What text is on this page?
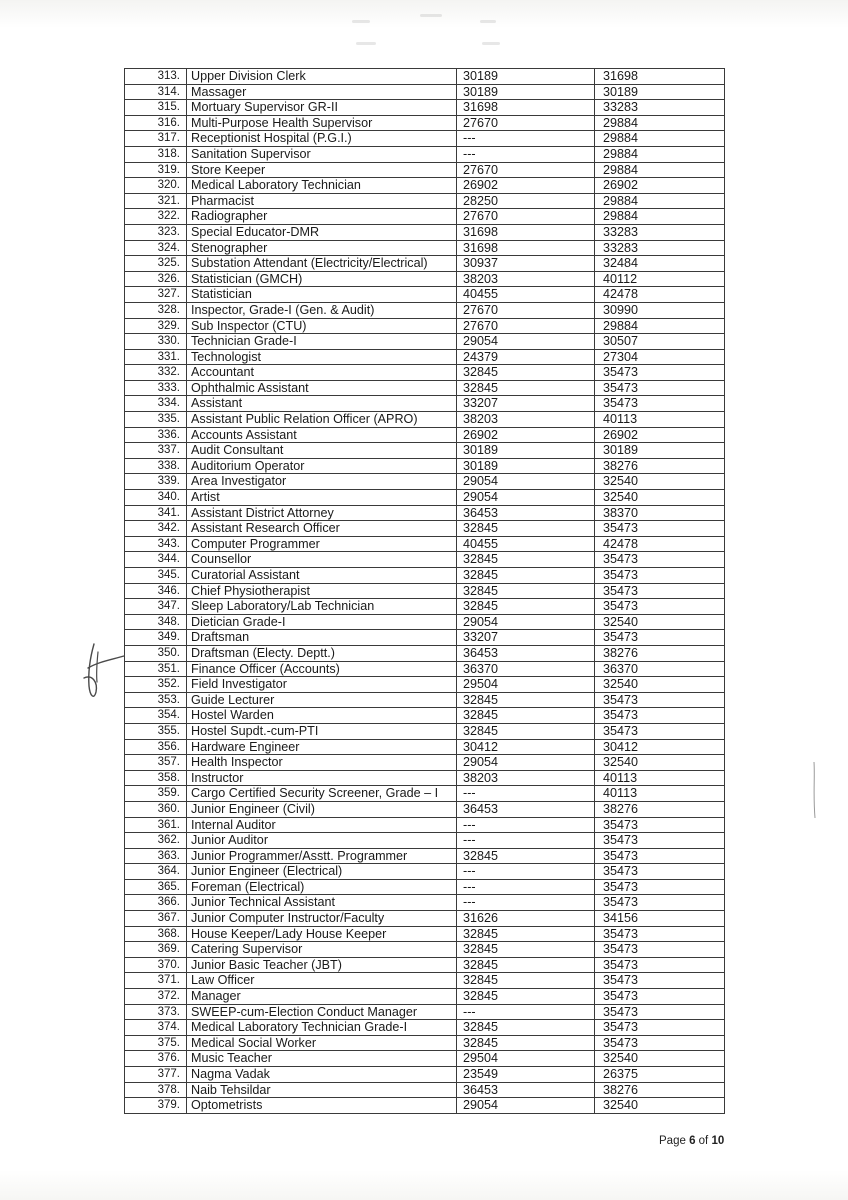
313.	Upper Division Clerk	30189	31698
314.	Massager	30189	30189
315.	Mortuary Supervisor GR-II	31698	33283
316.	Multi-Purpose Health Supervisor	27670	29884
317.	Receptionist Hospital (P.G.I.)	---	29884
318.	Sanitation Supervisor	---	29884
319.	Store Keeper	27670	29884
320.	Medical Laboratory Technician	26902	26902
321.	Pharmacist	28250	29884
322.	Radiographer	27670	29884
323.	Special Educator-DMR	31698	33283
324.	Stenographer	31698	33283
325.	Substation Attendant (Electricity/Electrical)	30937	32484
326.	Statistician (GMCH)	38203	40112
327.	Statistician	40455	42478
328.	Inspector, Grade-I (Gen. & Audit)	27670	30990
329.	Sub Inspector (CTU)	27670	29884
330.	Technician Grade-I	29054	30507
331.	Technologist	24379	27304
332.	Accountant	32845	35473
333.	Ophthalmic Assistant	32845	35473
334.	Assistant	33207	35473
335.	Assistant Public Relation Officer (APRO)	38203	40113
336.	Accounts Assistant	26902	26902
337.	Audit Consultant	30189	30189
338.	Auditorium Operator	30189	38276
339.	Area Investigator	29054	32540
340.	Artist	29054	32540
341.	Assistant District Attorney	36453	38370
342.	Assistant Research Officer	32845	35473
343.	Computer Programmer	40455	42478
344.	Counsellor	32845	35473
345.	Curatorial Assistant	32845	35473
346.	Chief Physiotherapist	32845	35473
347.	Sleep Laboratory/Lab Technician	32845	35473
348.	Dietician Grade-I	29054	32540
349.	Draftsman	33207	35473
350.	Draftsman (Electy. Deptt.)	36453	38276
351.	Finance Officer (Accounts)	36370	36370
352.	Field Investigator	29504	32540
353.	Guide Lecturer	32845	35473
354.	Hostel Warden	32845	35473
355.	Hostel Supdt.-cum-PTI	32845	35473
356.	Hardware Engineer	30412	30412
357.	Health Inspector	29054	32540
358.	Instructor	38203	40113
359.	Cargo Certified Security Screener, Grade – I	---	40113
360.	Junior Engineer (Civil)	36453	38276
361.	Internal Auditor	---	35473
362.	Junior Auditor	---	35473
363.	Junior Programmer/Asstt. Programmer	32845	35473
364.	Junior Engineer (Electrical)	---	35473
365.	Foreman (Electrical)	---	35473
366.	Junior Technical Assistant	---	35473
367.	Junior Computer Instructor/Faculty	31626	34156
368.	House Keeper/Lady House Keeper	32845	35473
369.	Catering Supervisor	32845	35473
370.	Junior Basic Teacher (JBT)	32845	35473
371.	Law Officer	32845	35473
372.	Manager	32845	35473
373.	SWEEP-cum-Election Conduct Manager	---	35473
374.	Medical Laboratory Technician Grade-I	32845	35473
375.	Medical Social Worker	32845	35473
376.	Music Teacher	29504	32540
377.	Nagma Vadak	23549	26375
378.	Naib Tehsildar	36453	38276
379.	Optometrists	29054	32540
Page 6 of 10
